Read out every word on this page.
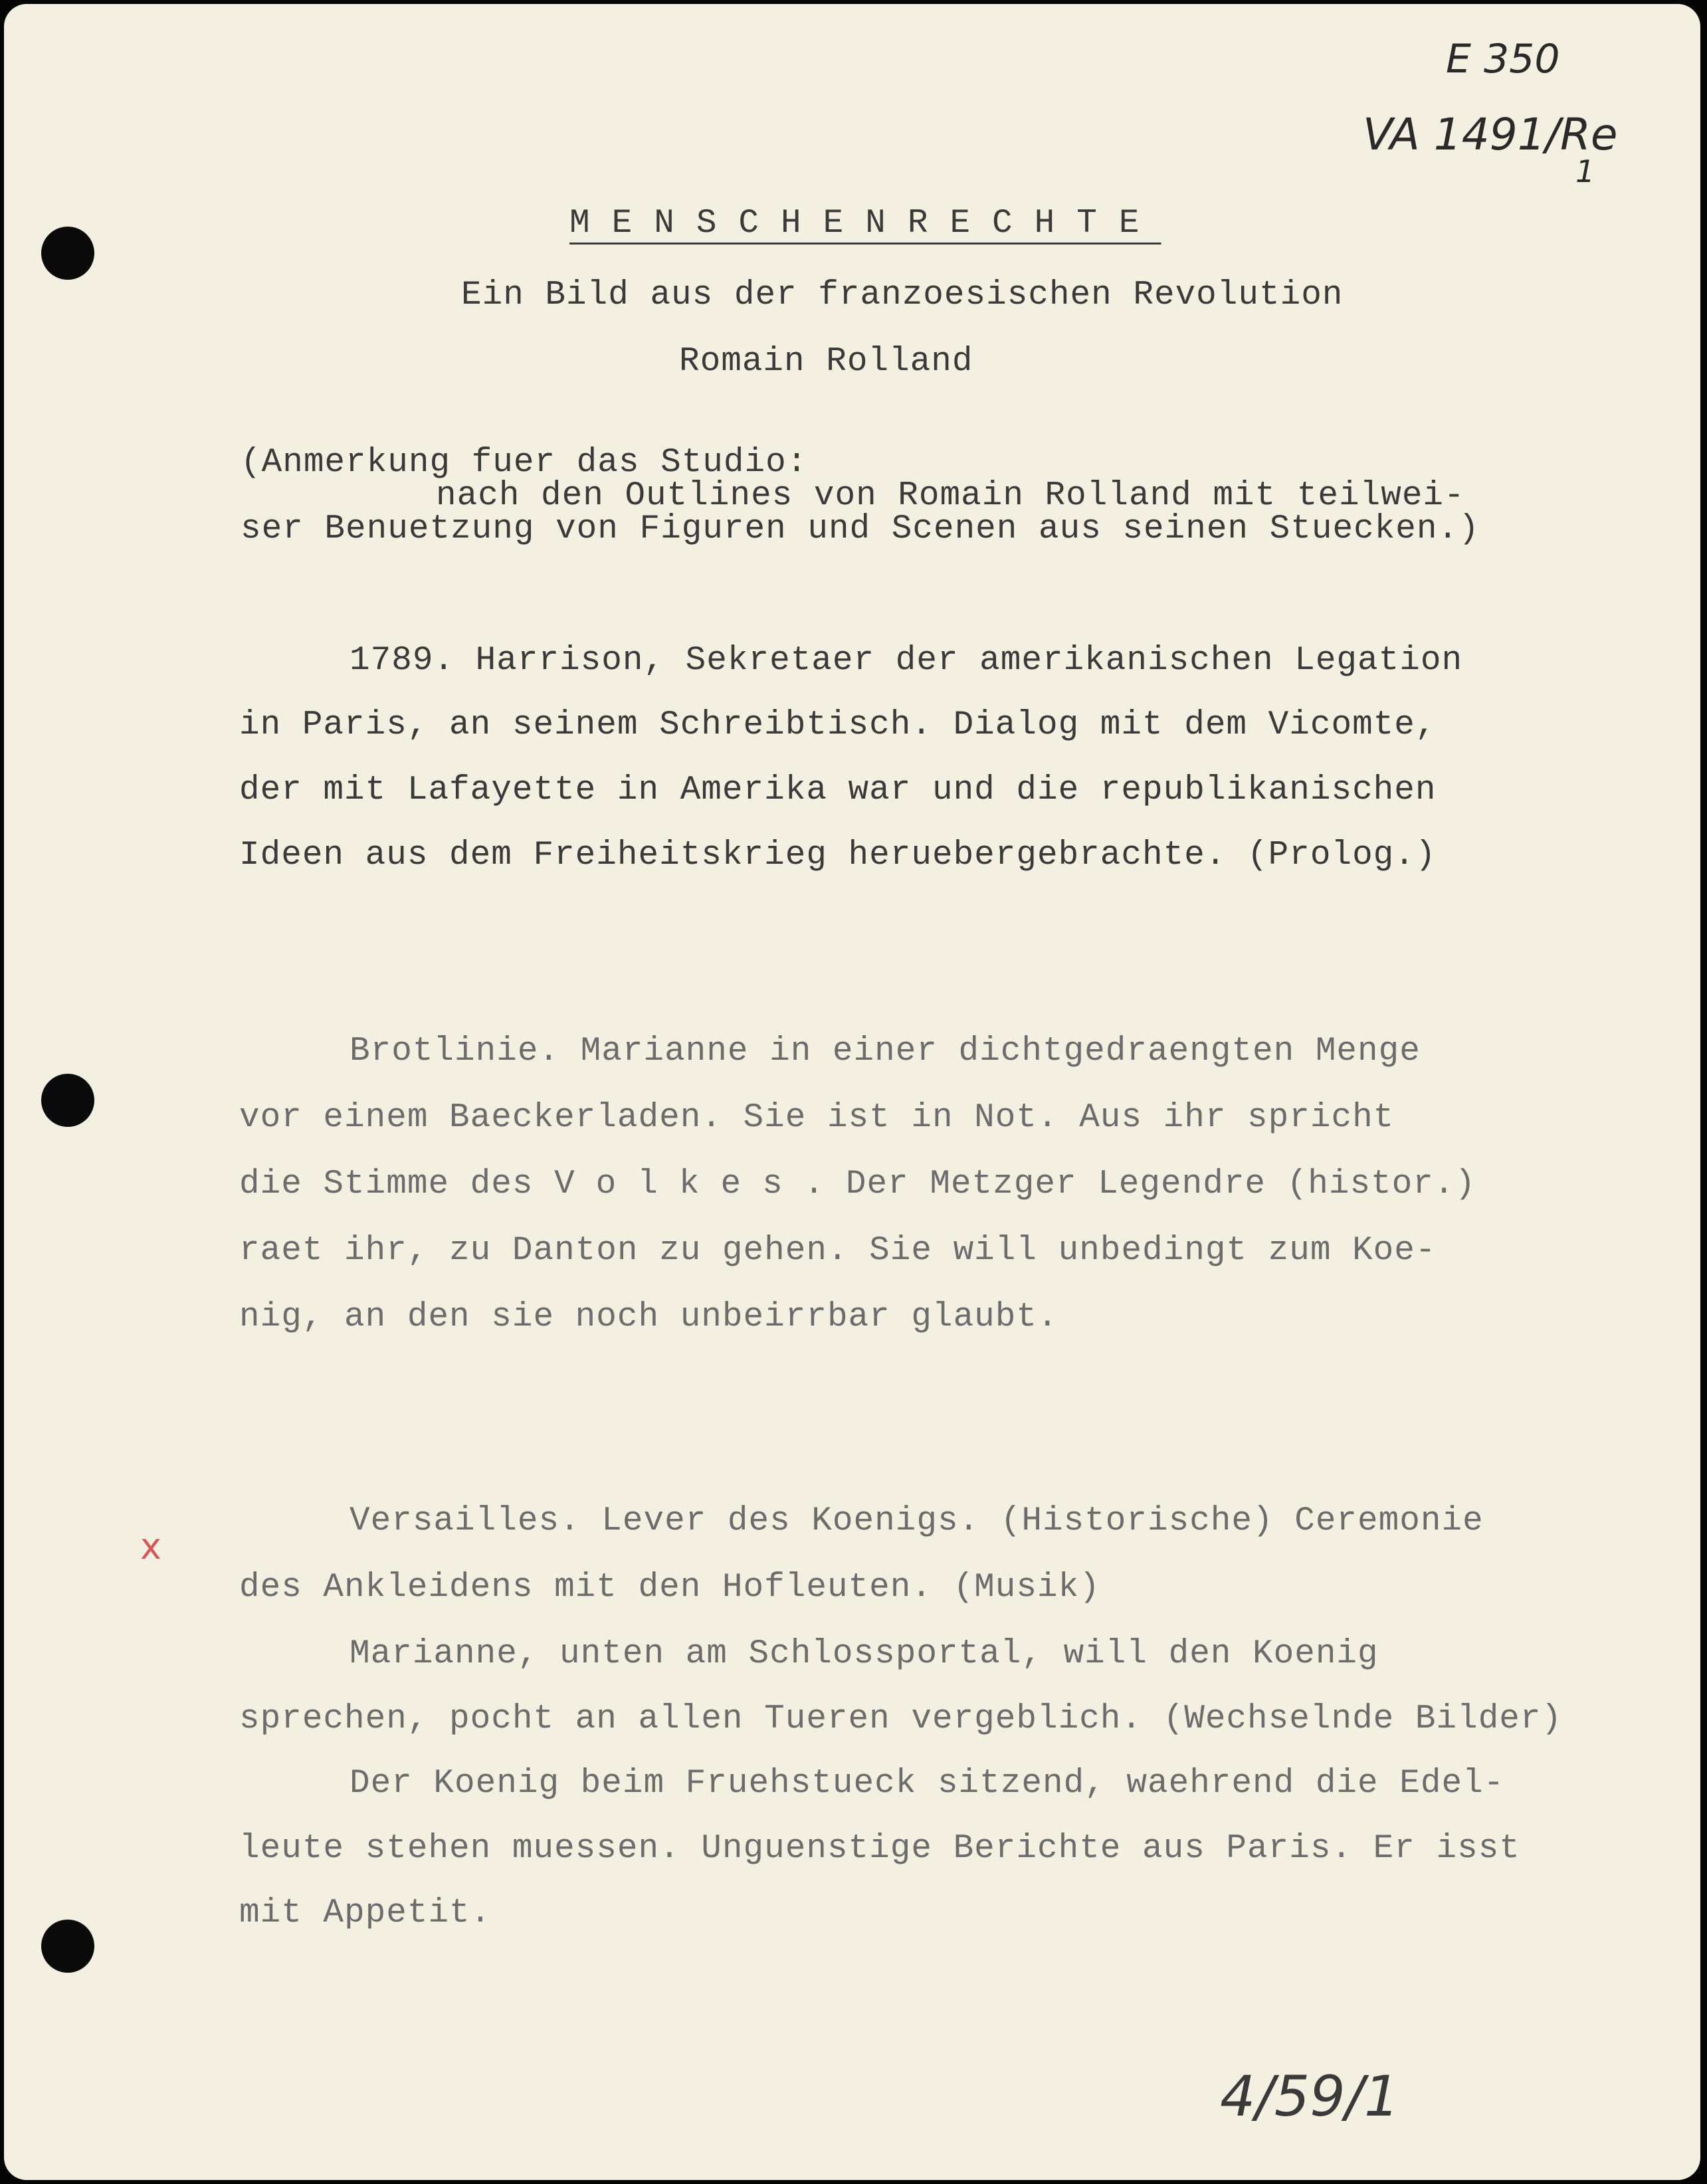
E 350
VA 1491/Re
1
4/59/1
MENSCHENRECHTE
Ein Bild aus der franzoesischen Revolution
Romain Rolland
(Anmerkung fuer das Studio:
nach den Outlines von Romain Rolland mit teilwei-
ser Benuetzung von Figuren und Scenen aus seinen Stuecken.)
1789. Harrison, Sekretaer der amerikanischen Legation
in Paris, an seinem Schreibtisch. Dialog mit dem Vicomte,
der mit Lafayette in Amerika war und die republikanischen
Ideen aus dem Freiheitskrieg heruebergebrachte. (Prolog.)
Brotlinie. Marianne in einer dichtgedraengten Menge
vor einem Baeckerladen. Sie ist in Not. Aus ihr spricht
die Stimme des Volkes. Der Metzger Legendre (histor.)
raet ihr, zu Danton zu gehen. Sie will unbedingt zum Koe-
nig, an den sie noch unbeirrbar glaubt.
x
Versailles. Lever des Koenigs. (Historische) Ceremonie
des Ankleidens mit den Hofleuten. (Musik)
Marianne, unten am Schlossportal, will den Koenig
sprechen, pocht an allen Tueren vergeblich. (Wechselnde Bilder)
Der Koenig beim Fruehstueck sitzend, waehrend die Edel-
leute stehen muessen. Unguenstige Berichte aus Paris. Er isst
mit Appetit.
